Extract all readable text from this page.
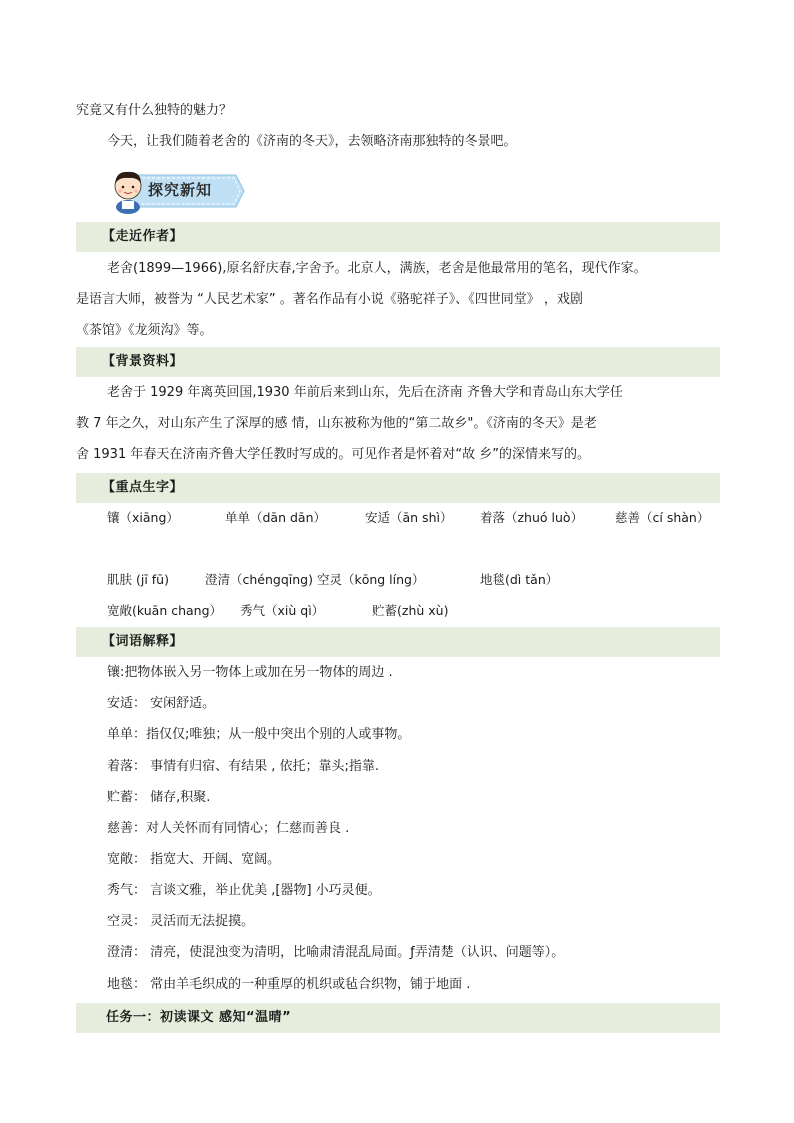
究竟又有什么独特的魅力？
今天，让我们随着老舍的《济南的冬天》，去领略济南那独特的冬景吧。
探究新知
【走近作者】
老舍(1899—1966),原名舒庆春,字舍予。北京人，满族，老舍是他最常用的笔名，现代作家。
是语言大师，被誉为 “人民艺术家” 。著名作品有小说《骆驼祥子》、《四世同堂》 ，戏剧
《茶馆》《龙须沟》等。
【背景资料】
老舍于 1929 年离英回国,1930 年前后来到山东，先后在济南 齐鲁大学和青岛山东大学任
教 7 年之久，对山东产生了深厚的感 情，山东被称为他的“第二故乡"。《济南的冬天》是老
舍 1931 年春天在济南齐鲁大学任教时写成的。可见作者是怀着对“故 乡”的深情来写的。
【重点生字】
镶（xiāng）	单单（dān dān）	安适（ān shì） 着落（zhuó luò）	慈善（cí shàn）
肌肤 (jī fū)	澄清（chéngqīng) 空灵（kōng líng）	地毯(dì tǎn）
宽敞(kuān chang） 秀气（xiù qì）	贮蓄(zhù xù)
【词语解释】
镶:把物体嵌入另一物体上或加在另一物体的周边 .
安适： 安闲舒适。
单单：指仅仅;唯独；从一般中突出个别的人或事物。
着落： 事情有归宿、有结果 , 依托；靠头;指靠.
贮蓄： 储存,积聚.
慈善：对人关怀而有同情心；仁慈而善良 .
宽敞： 指宽大、开阔、宽阔。
秀气： 言谈文雅，举止优美 ,[器物] 小巧灵便。
空灵： 灵活而无法捉摸。
澄清： 清亮，使混浊变为清明，比喻肃清混乱局面。ƒ弄清楚（认识、问题等）。
地毯： 常由羊毛织成的一种重厚的机织或毡合织物，铺于地面 .
任务一：初读课文 感知“温晴”
